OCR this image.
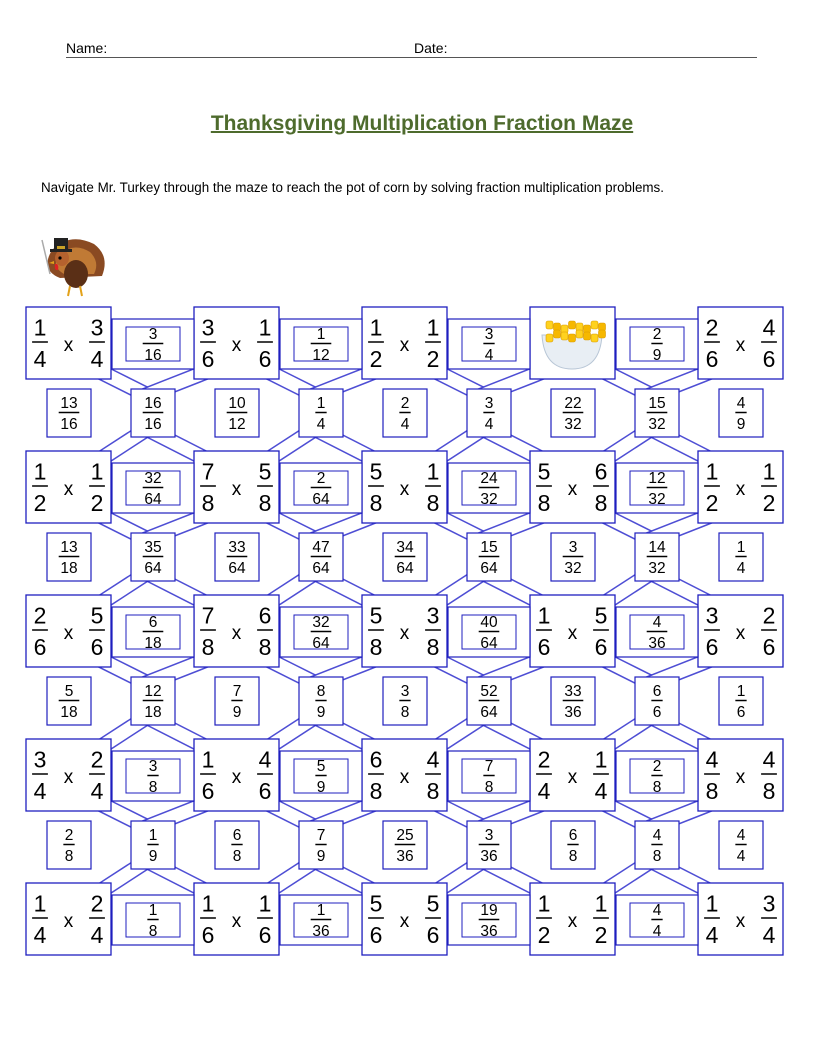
Name:	Date:
Thanksgiving Multiplication Fraction Maze
Navigate Mr. Turkey through the maze to reach the pot of corn by solving fraction multiplication problems.
1
4
x
3
4
3
6
x
1
6
1
2
x
1
2
2
6
x
4
6
1
2
x
1
2
7
8
x
5
8
5
8
x
1
8
5
8
x
6
8
1
2
x
1
2
2
6
x
5
6
7
8
x
6
8
5
8
x
3
8
1
6
x
5
6
3
6
x
2
6
3
4
x
2
4
1
6
x
4
6
6
8
x
4
8
2
4
x
1
4
4
8
x
4
8
1
4
x
2
4
1
6
x
1
6
5
6
x
5
6
1
2
x
1
2
1
4
x
3
4
3
16
1
12
3
4
2
9
32
64
2
64
24
32
12
32
6
18
32
64
40
64
4
36
3
8
5
9
7
8
2
8
1
8
1
36
19
36
4
4
13
16
16
16
10
12
1
4
2
4
3
4
22
32
15
32
4
9
13
18
35
64
33
64
47
64
34
64
15
64
3
32
14
32
1
4
5
18
12
18
7
9
8
9
3
8
52
64
33
36
6
6
1
6
2
8
1
9
6
8
7
9
25
36
3
36
6
8
4
8
4
4
